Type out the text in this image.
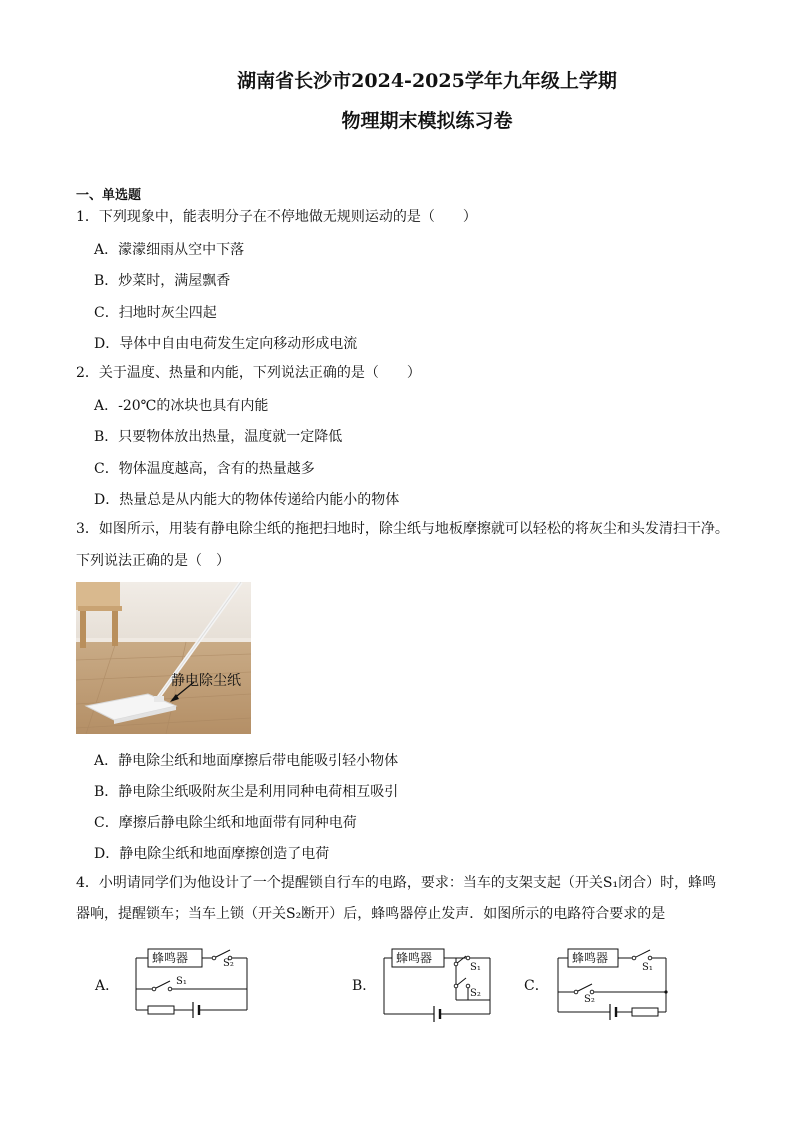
湖南省长沙市2024-2025学年九年级上学期
物理期末模拟练习卷
一、单选题
1．下列现象中，能表明分子在不停地做无规则运动的是（　　）
A．濛濛细雨从空中下落
B．炒菜时，满屋飘香
C．扫地时灰尘四起
D．导体中自由电荷发生定向移动形成电流
2．关于温度、热量和内能，下列说法正确的是（　　）
A．-20℃的冰块也具有内能
B．只要物体放出热量，温度就一定降低
C．物体温度越高，含有的热量越多
D．热量总是从内能大的物体传递给内能小的物体
3．如图所示，用装有静电除尘纸的拖把扫地时，除尘纸与地板摩擦就可以轻松的将灰尘和头发清扫干净。
下列说法正确的是（　）
静电除尘纸
A．静电除尘纸和地面摩擦后带电能吸引轻小物体
B．静电除尘纸吸附灰尘是利用同种电荷相互吸引
C．摩擦后静电除尘纸和地面带有同种电荷
D．静电除尘纸和地面摩擦创造了电荷
4．小明请同学们为他设计了一个提醒锁自行车的电路，要求：当车的支架支起（开关S₁闭合）时，蜂鸣
器响，提醒锁车；当车上锁（开关S₂断开）后，蜂鸣器停止发声．如图所示的电路符合要求的是
A．
蜂鸣器	S₂
S₁	B．
蜂鸣器
S₁
S₂	C．
蜂鸣器
S₁
S₂
